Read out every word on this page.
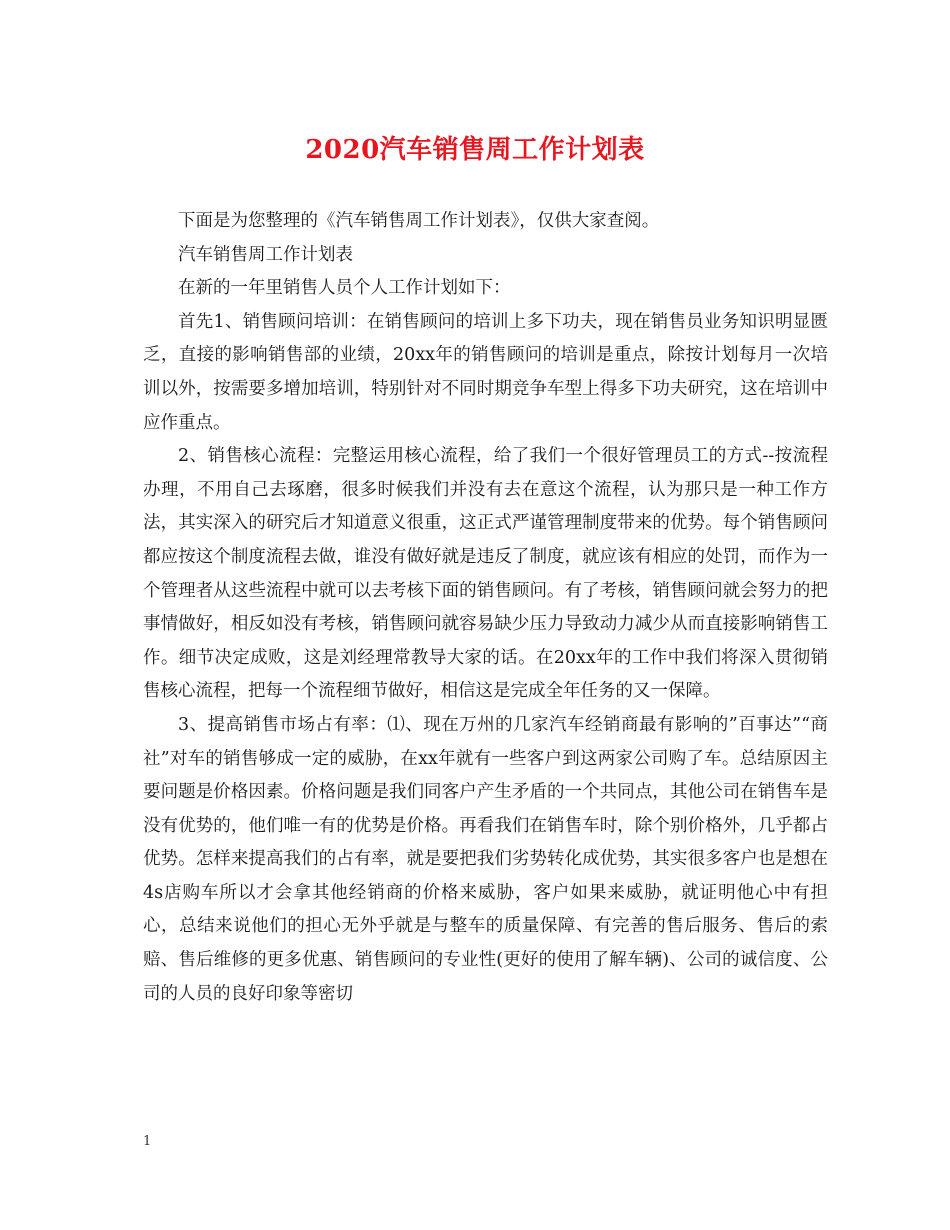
2020汽车销售周工作计划表

下面是为您整理的《汽车销售周工作计划表》，仅供大家查阅。

汽车销售周工作计划表

在新的一年里销售人员个人工作计划如下：

首先1、销售顾问培训：在销售顾问的培训上多下功夫，现在销售员业务知识明显匮乏，直接的影响销售部的业绩，20xx年的销售顾问的培训是重点，除按计划每月一次培训以外，按需要多增加培训，特别针对不同时期竞争车型上得多下功夫研究，这在培训中应作重点。

2、销售核心流程：完整运用核心流程，给了我们一个很好管理员工的方式--按流程办理，不用自己去琢磨，很多时候我们并没有去在意这个流程，认为那只是一种工作方法，其实深入的研究后才知道意义很重，这正式严谨管理制度带来的优势。每个销售顾问都应按这个制度流程去做，谁没有做好就是违反了制度，就应该有相应的处罚，而作为一个管理者从这些流程中就可以去考核下面的销售顾问。有了考核，销售顾问就会努力的把事情做好，相反如没有考核，销售顾问就容易缺少压力导致动力减少从而直接影响销售工作。细节决定成败，这是刘经理常教导大家的话。在20xx年的工作中我们将深入贯彻销售核心流程，把每一个流程细节做好，相信这是完成全年任务的又一保障。

3、提高销售市场占有率：⑴、现在万州的几家汽车经销商最有影响的”百事达”“商社”对车的销售够成一定的威胁，在xx年就有一些客户到这两家公司购了车。总结原因主要问题是价格因素。价格问题是我们同客户产生矛盾的一个共同点，其他公司在销售车是没有优势的，他们唯一有的优势是价格。再看我们在销售车时，除个别价格外，几乎都占优势。怎样来提高我们的占有率，就是要把我们劣势转化成优势，其实很多客户也是想在4s店购车所以才会拿其他经销商的价格来威胁，客户如果来威胁，就证明他心中有担心，总结来说他们的担心无外乎就是与整车的质量保障、有完善的售后服务、售后的索赔、售后维修的更多优惠、销售顾问的专业性(更好的使用了解车辆)、公司的诚信度、公司的人员的良好印象等密切

1
